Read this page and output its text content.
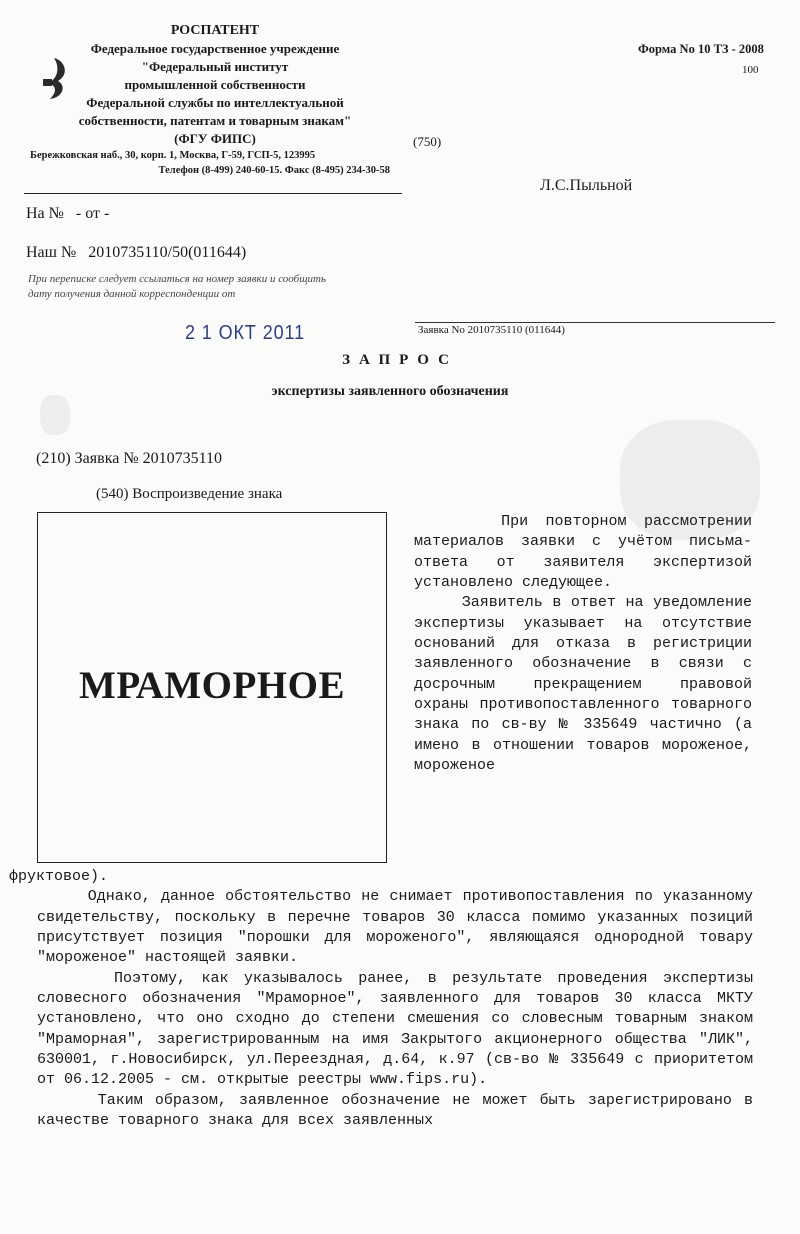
РОСПАТЕНТ
Федеральное государственное учреждение
"Федеральный институт
промышленной собственности
Федеральной службы по интеллектуальной
собственности, патентам и товарным знакам"
(ФГУ ФИПС)
Бережковская наб., 30, корп. 1, Москва, Г-59, ГСП-5, 123995
Телефон (8-499) 240-60-15. Факс (8-495) 234-30-58
Форма No 10 ТЗ - 2008
100
(750)
Л.С.Пыльной
На №   - от -
Наш №   2010735110/50(011644)
При переписке следует ссылаться на номер заявки и сообщить дату получения данной корреспонденции от
2 1 ОКТ 2011	Заявка No 2010735110 (011644)
ЗАПРОС
экспертизы заявленного обозначения
(210) Заявка № 2010735110
(540) Воспроизведение знака
МРАМОРНОЕ
При повторном рассмотрении материалов заявки с учётом письма-ответа от заявителя экспертизой установлено следующее.
Заявитель в ответ на уведомление экспертизы указывает на отсутствие оснований для отказа в регистриции заявленного обозначение в связи с досрочным прекращением правовой охраны противопоставленного товарного знака по св-ву № 335649 частично (а имено в отношении товаров мороженое, мороженое
фруктовое).
Однако, данное обстоятельство не снимает противопоставления по указанному свидетельству, поскольку в перечне товаров 30 класса помимо указанных позиций присутствует позиция "порошки для мороженого", являющаяся однородной товару "мороженое" настоящей заявки.
Поэтому, как указывалось ранее, в результате проведения экспертизы словесного обозначения "Мраморное", заявленного для товаров 30 класса МКТУ установлено, что оно сходно до степени смешения со словесным товарным знаком "Мраморная", зарегистрированным на имя Закрытого акционерного общества "ЛИК", 630001, г.Новосибирск, ул.Переездная, д.64, к.97 (св-во № 335649 с приоритетом от 06.12.2005 - см. открытые реестры www.fips.ru).
Таким образом, заявленное обозначение не может быть зарегистрировано в качестве товарного знака для всех заявленных
